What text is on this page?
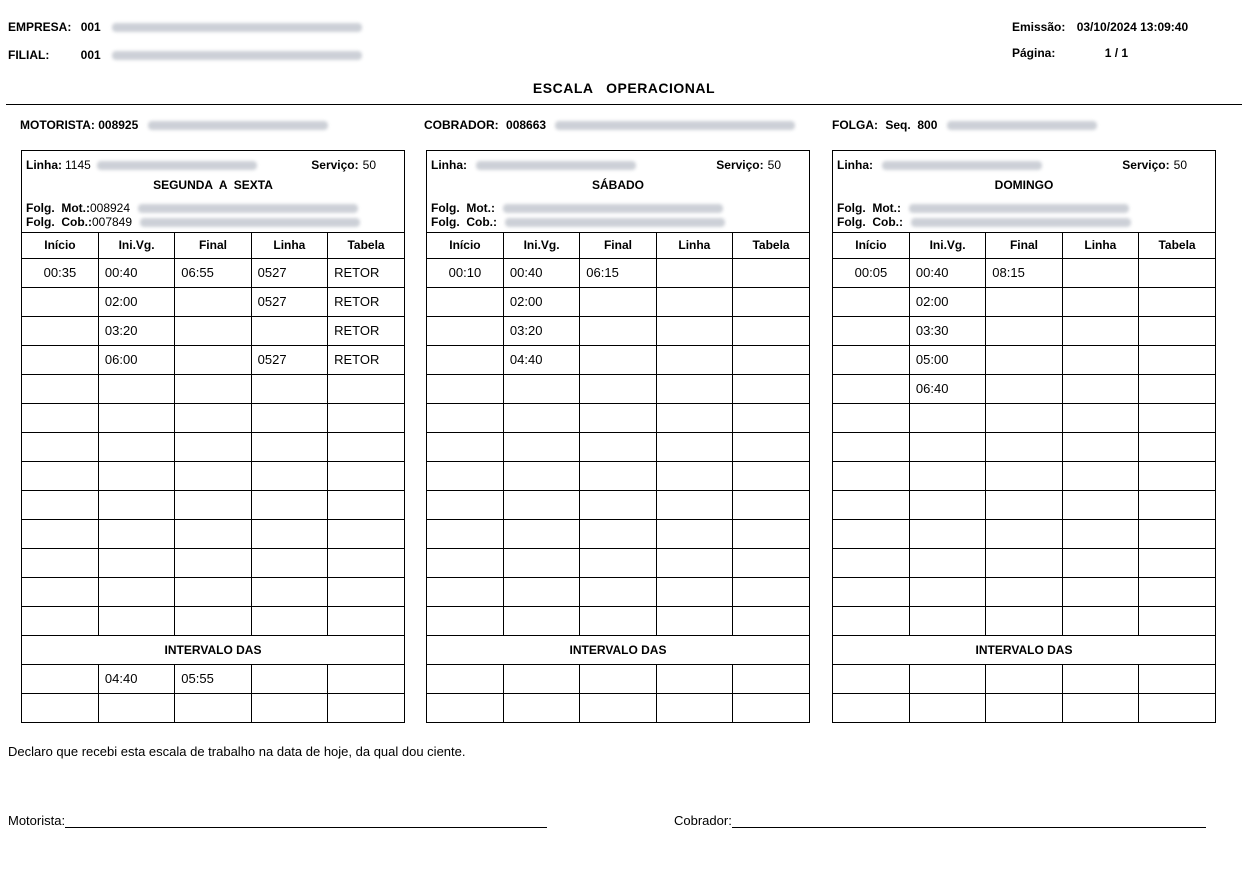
EMPRESA: 001
FILIAL:	001
Emissão: 03/10/2024 13:09:40
Página:	1 / 1
ESCALA   OPERACIONAL
MOTORISTA: 008925	COBRADOR: 008663	FOLGA: Seq.  800
Linha: 1145	Serviço: 50
SEGUNDA  A  SEXTA
Folg.  Mot.:008924
Folg.  Cob.:007849
Início	Ini.Vg.	Final	Linha	Tabela
00:35	00:40	06:55	0527	RETOR
	02:00		0527	RETOR
	03:20			RETOR
	06:00		0527	RETOR

INTERVALO DAS				
	04:40	05:55		

Linha:	Serviço: 50
SÁBADO
Folg.  Mot.:
Folg.  Cob.:
Início	Ini.Vg.	Final	Linha	Tabela
00:10	00:40	06:15		
	02:00			
	03:20			
	04:40			

INTERVALO DAS				

Linha:	Serviço: 50
DOMINGO
Folg.  Mot.:
Folg.  Cob.:
Início	Ini.Vg.	Final	Linha	Tabela
00:05	00:40	08:15		
	02:00			
	03:30			
	05:00			
	06:40			

INTERVALO DAS				

Declaro que recebi esta escala de trabalho na data de hoje, da qual dou ciente.
Motorista:	Cobrador:
